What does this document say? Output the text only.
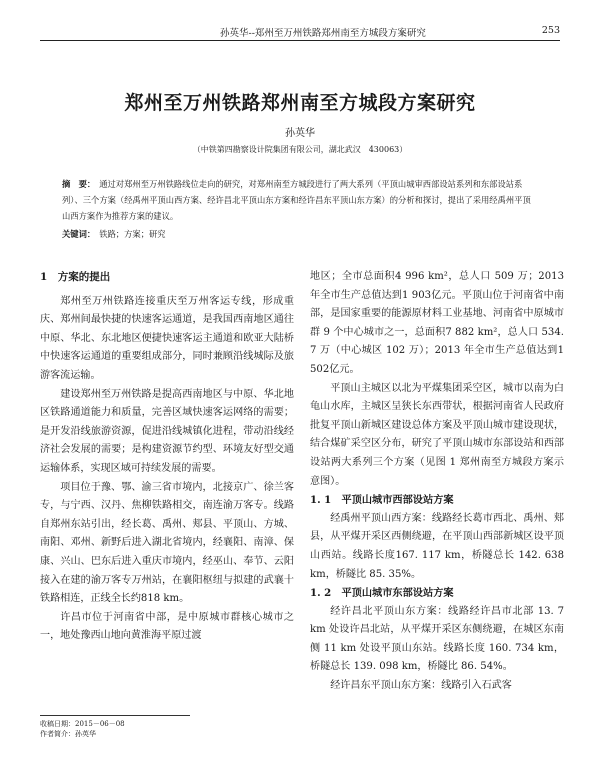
孙英华--郑州至万州铁路郑州南至方城段方案研究	253
郑州至万州铁路郑州南至方城段方案研究
孙英华
（中铁第四勘察设计院集团有限公司，湖北武汉　430063）
摘　要： 通过对郑州至万州铁路线位走向的研究，对郑州南至方城段进行了两大系列（平顶山城审西部设站系列和东部设站系列）、三个方案（经禹州平顶山西方案、经许昌北平顶山东方案和经许昌东平顶山东方案）的分析和探讨，提出了采用经禹州平顶山西方案作为推荐方案的建议。
关键词： 铁路；方案；研究
1　方案的提出

郑州至万州铁路连接重庆至万州客运专线，形成重庆、郑州间最快捷的快速客运通道，是我国西南地区通往中原、华北、东北地区便捷快速客运主通道和欧亚大陆桥中快速客运通道的重要组成部分，同时兼顾沿线城际及旅游客流运输。

建设郑州至万州铁路是提高西南地区与中原、华北地区铁路通道能力和质量，完善区域快速客运网络的需要；是开发沿线旅游资源，促进沿线城镇化进程，带动沿线经济社会发展的需要；是构建资源节约型、环境友好型交通运输体系，实现区域可持续发展的需要。

项目位于豫、鄂、渝三省市境内，北接京广、徐兰客专，与宁西、汉丹、焦柳铁路相交，南连渝万客专。线路自郑州东站引出，经长葛、禹州、郏县、平顶山、方城、南阳、邓州、新野后进入湖北省境内，经襄阳、南漳、保康、兴山、巴东后进入重庆市境内，经巫山、奉节、云阳接入在建的渝万客专万州站，在襄阳枢纽与拟建的武襄十铁路相连，正线全长约818 km。

许昌市位于河南省中部，是中原城市群核心城市之一，地处豫西山地向黄淮海平原过渡

地区；全市总面积4 996 km²，总人口 509 万；2013 年全市生产总值达到1 903亿元。平顶山位于河南省中南部，是国家重要的能源原材料工业基地、河南省中原城市群 9 个中心城市之一，总面积7 882 km²，总人口 534. 7 万（中心城区 102 万）；2013 年全市生产总值达到1 502亿元。

平顶山主城区以北为平煤集团采空区，城市以南为白龟山水库，主城区呈狭长东西带状，根据河南省人民政府批复平顶山新城区建设总体方案及平顶山城市建设现状，结合煤矿采空区分布，研究了平顶山城市东部设站和西部设站两大系列三个方案（见图 1 郑州南至方城段方案示意图）。

1. 1　平顶山城市西部设站方案

经禹州平顶山西方案：线路经长葛市西北、禹州、郏县，从平煤开采区西侧绕避，在平顶山西部新城区设平顶山西站。线路长度167. 117 km，桥隧总长 142. 638 km，桥隧比 85. 35%。

1. 2　平顶山城市东部设站方案

经许昌北平顶山东方案：线路经许昌市北部 13. 7 km 处设许昌北站，从平煤开采区东侧绕避，在城区东南侧 11 km 处设平顶山东站。线路长度 160. 734 km，桥隧总长 139. 098 km，桥隧比 86. 54%。

经许昌东平顶山东方案：线路引入石武客

收稿日期：2015－06－08
作者简介：孙英华
